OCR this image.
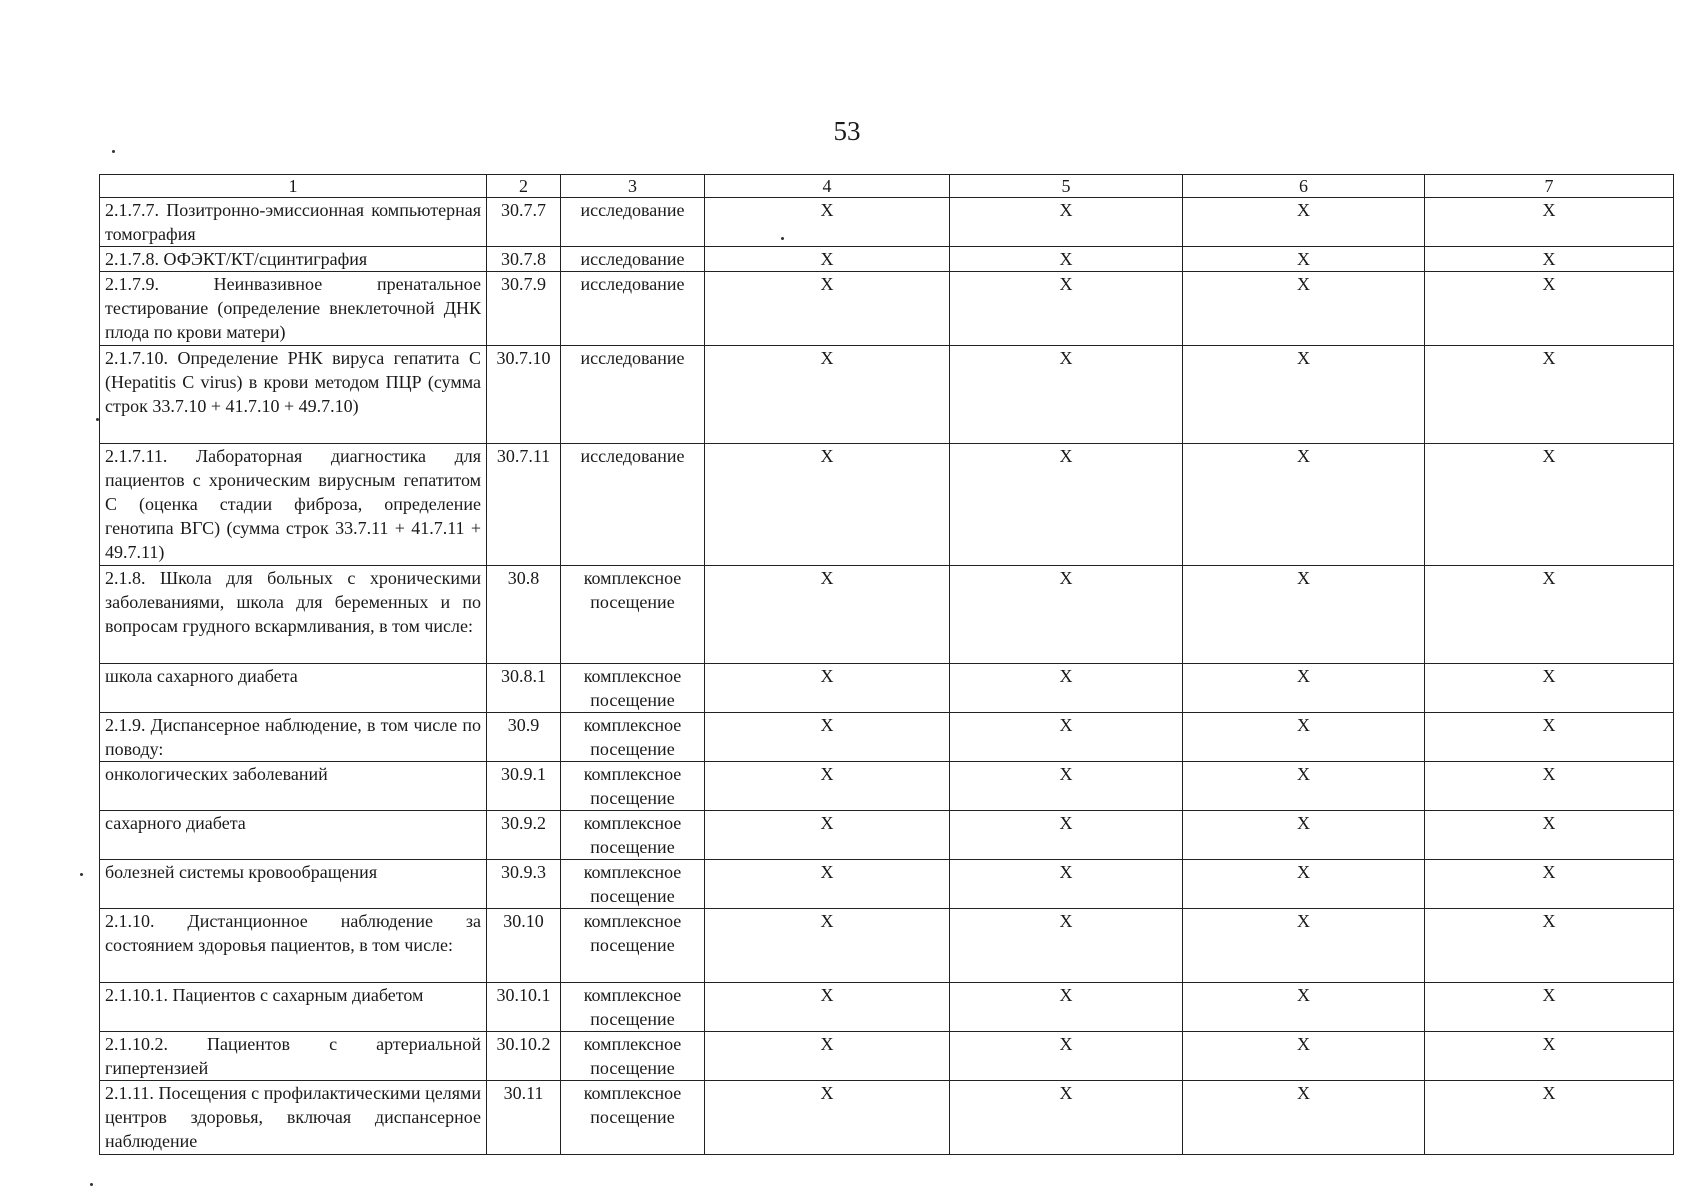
53
1	2	3	4	5	6	7
2.1.7.7. Позитронно-эмиссионная компьютерная томография	30.7.7	исследование	X	X	X	X
2.1.7.8. ОФЭКТ/КТ/сцинтиграфия	30.7.8	исследование	X	X	X	X
2.1.7.9. Неинвазивное пренатальное тестирование (определение внеклеточной ДНК плода по крови матери)	30.7.9	исследование	X	X	X	X
2.1.7.10. Определение РНК вируса гепатита C (Hepatitis C virus) в крови методом ПЦР (сумма строк 33.7.10 + 41.7.10 + 49.7.10)	30.7.10	исследование	X	X	X	X
2.1.7.11. Лабораторная диагностика для пациентов с хроническим вирусным гепатитом C (оценка стадии фиброза, определение генотипа ВГС) (сумма строк 33.7.11 + 41.7.11 + 49.7.11)	30.7.11	исследование	X	X	X	X
2.1.8. Школа для больных с хроническими заболеваниями, школа для беременных и по вопросам грудного вскармливания, в том числе:	30.8	комплексное посещение	X	X	X	X
школа сахарного диабета	30.8.1	комплексное посещение	X	X	X	X
2.1.9. Диспансерное наблюдение, в том числе по поводу:	30.9	комплексное посещение	X	X	X	X
онкологических заболеваний	30.9.1	комплексное посещение	X	X	X	X
сахарного диабета	30.9.2	комплексное посещение	X	X	X	X
болезней системы кровообращения	30.9.3	комплексное посещение	X	X	X	X
2.1.10. Дистанционное наблюдение за состоянием здоровья пациентов, в том числе:	30.10	комплексное посещение	X	X	X	X
2.1.10.1. Пациентов с сахарным диабетом	30.10.1	комплексное посещение	X	X	X	X
2.1.10.2. Пациентов с артериальной гипертензией	30.10.2	комплексное посещение	X	X	X	X
2.1.11. Посещения с профилактическими целями центров здоровья, включая диспансерное наблюдение	30.11	комплексное посещение	X	X	X	X
